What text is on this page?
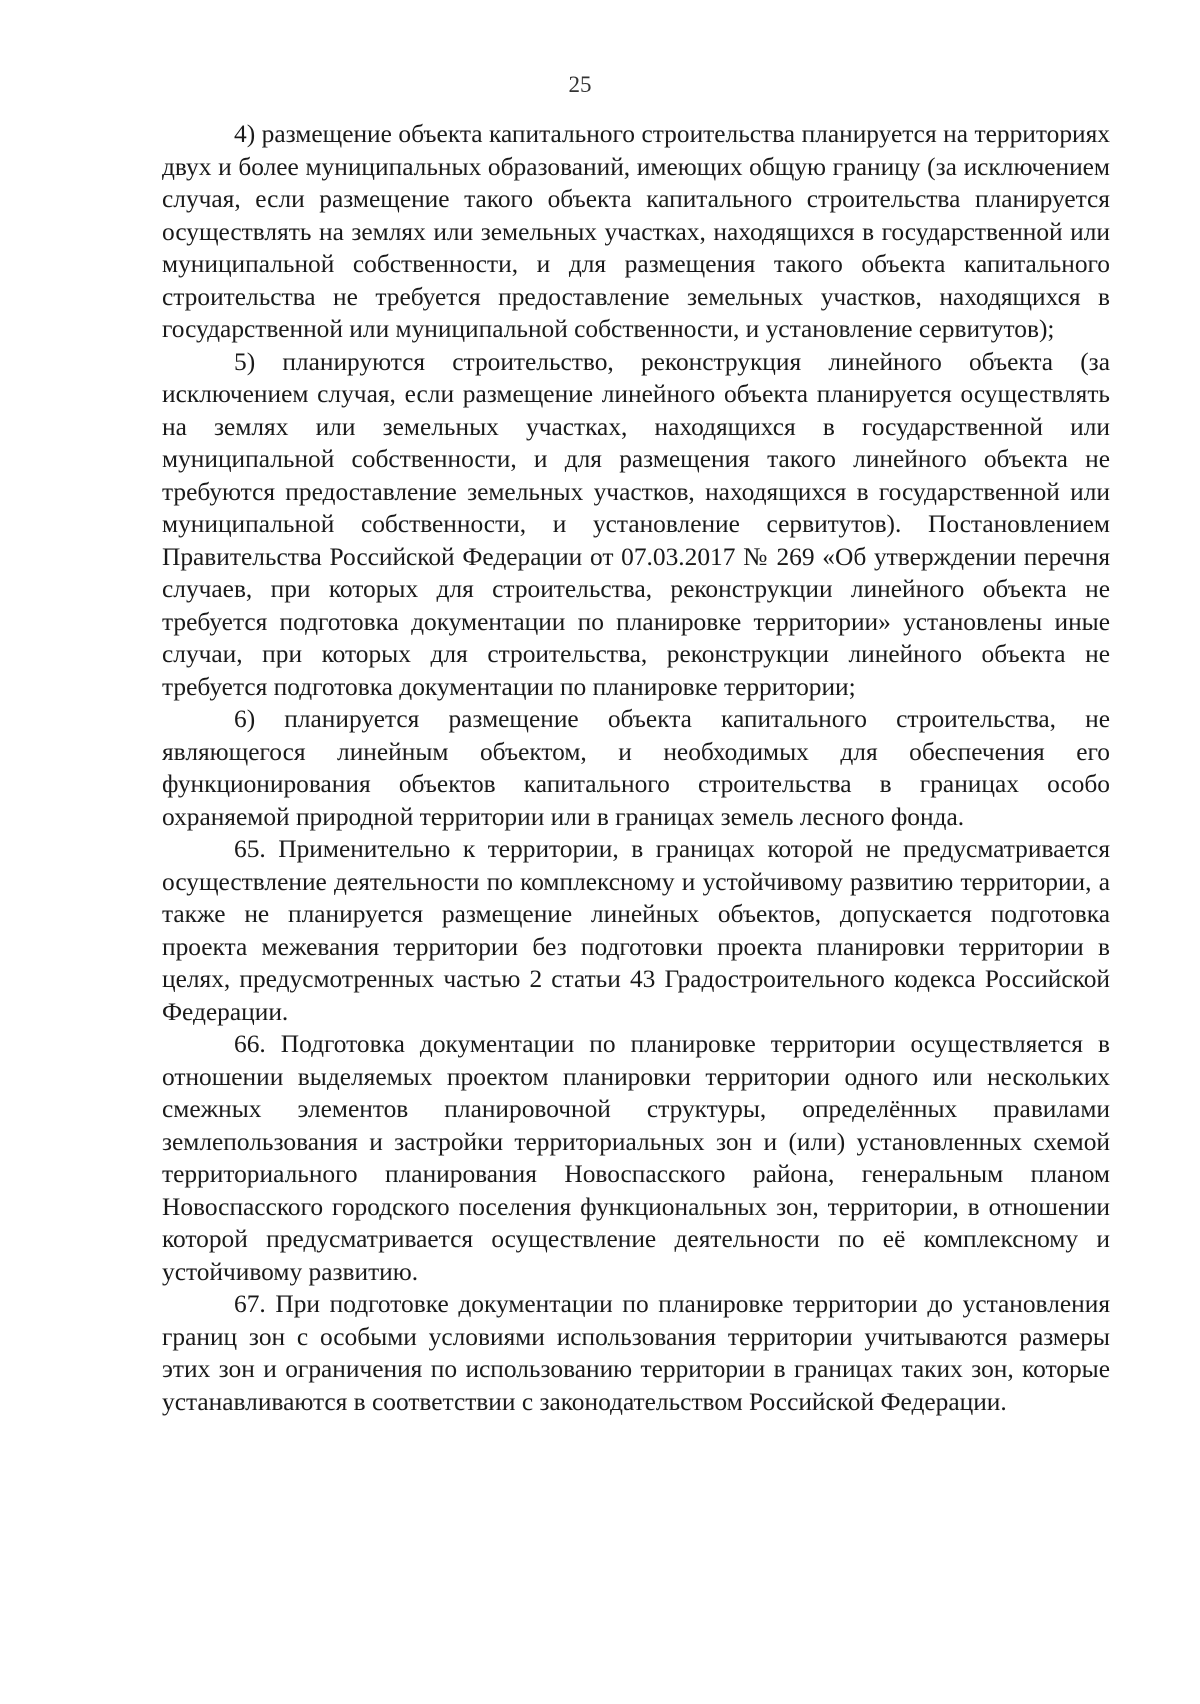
25

4) размещение объекта капитального строительства планируется на территориях двух и более муниципальных образований, имеющих общую границу (за исключением случая, если размещение такого объекта капитального строительства планируется осуществлять на землях или земельных участках, находящихся в государственной или муниципальной собственности, и для размещения такого объекта капитального строительства не требуется предоставление земельных участков, находящихся в государственной или муниципальной собственности, и установление сервитутов);

5) планируются строительство, реконструкция линейного объекта (за исключением случая, если размещение линейного объекта планируется осуществлять на землях или земельных участках, находящихся в государственной или муниципальной собственности, и для размещения такого линейного объекта не требуются предоставление земельных участков, находящихся в государственной или муниципальной собственности, и установление сервитутов). Постановлением Правительства Российской Федерации от 07.03.2017 № 269 «Об утверждении перечня случаев, при которых для строительства, реконструкции линейного объекта не требуется подготовка документации по планировке территории» установлены иные случаи, при которых для строительства, реконструкции линейного объекта не требуется подготовка документации по планировке территории;

6) планируется размещение объекта капитального строительства, не являющегося линейным объектом, и необходимых для обеспечения его функционирования объектов капитального строительства в границах особо охраняемой природной территории или в границах земель лесного фонда.

65. Применительно к территории, в границах которой не предусматривается осуществление деятельности по комплексному и устойчивому развитию территории, а также не планируется размещение линейных объектов, допускается подготовка проекта межевания территории без подготовки проекта планировки территории в целях, предусмотренных частью 2 статьи 43 Градостроительного кодекса Российской Федерации.

66. Подготовка документации по планировке территории осуществляется в отношении выделяемых проектом планировки территории одного или нескольких смежных элементов планировочной структуры, определённых правилами землепользования и застройки территориальных зон и (или) установленных схемой территориального планирования Новоспасского района, генеральным планом Новоспасского городского поселения функциональных зон, территории, в отношении которой предусматривается осуществление деятельности по её комплексному и устойчивому развитию.

67. При подготовке документации по планировке территории до установления границ зон с особыми условиями использования территории учитываются размеры этих зон и ограничения по использованию территории в границах таких зон, которые устанавливаются в соответствии с законодательством Российской Федерации.
